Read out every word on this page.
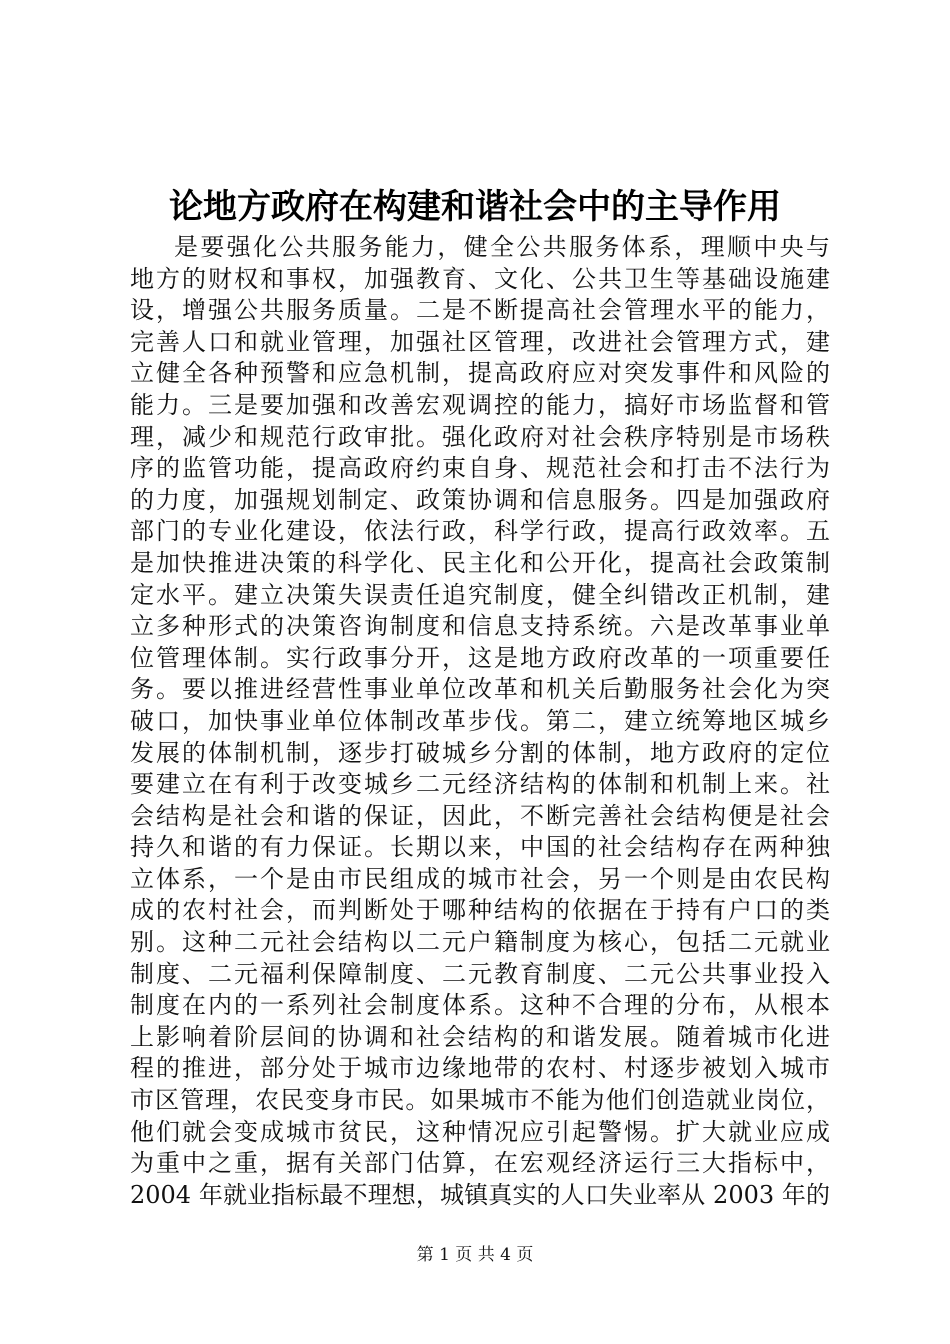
论地方政府在构建和谐社会中的主导作用
是要强化公共服务能力，健全公共服务体系，理顺中央与
地方的财权和事权，加强教育、文化、公共卫生等基础设施建
设，增强公共服务质量。二是不断提高社会管理水平的能力，
完善人口和就业管理，加强社区管理，改进社会管理方式，建
立健全各种预警和应急机制，提高政府应对突发事件和风险的
能力。三是要加强和改善宏观调控的能力，搞好市场监督和管
理，减少和规范行政审批。强化政府对社会秩序特别是市场秩
序的监管功能，提高政府约束自身、规范社会和打击不法行为
的力度，加强规划制定、政策协调和信息服务。四是加强政府
部门的专业化建设，依法行政，科学行政，提高行政效率。五
是加快推进决策的科学化、民主化和公开化，提高社会政策制
定水平。建立决策失误责任追究制度，健全纠错改正机制，建
立多种形式的决策咨询制度和信息支持系统。六是改革事业单
位管理体制。实行政事分开，这是地方政府改革的一项重要任
务。要以推进经营性事业单位改革和机关后勤服务社会化为突
破口，加快事业单位体制改革步伐。第二，建立统筹地区城乡
发展的体制机制，逐步打破城乡分割的体制，地方政府的定位
要建立在有利于改变城乡二元经济结构的体制和机制上来。社
会结构是社会和谐的保证，因此，不断完善社会结构便是社会
持久和谐的有力保证。长期以来，中国的社会结构存在两种独
立体系，一个是由市民组成的城市社会，另一个则是由农民构
成的农村社会，而判断处于哪种结构的依据在于持有户口的类
别。这种二元社会结构以二元户籍制度为核心，包括二元就业
制度、二元福利保障制度、二元教育制度、二元公共事业投入
制度在内的一系列社会制度体系。这种不合理的分布，从根本
上影响着阶层间的协调和社会结构的和谐发展。随着城市化进
程的推进，部分处于城市边缘地带的农村、村逐步被划入城市
市区管理，农民变身市民。如果城市不能为他们创造就业岗位，
他们就会变成城市贫民，这种情况应引起警惕。扩大就业应成
为重中之重，据有关部门估算，在宏观经济运行三大指标中，
2004 年就业指标最不理想，城镇真实的人口失业率从 2003 年的
第 1 页 共 4 页
